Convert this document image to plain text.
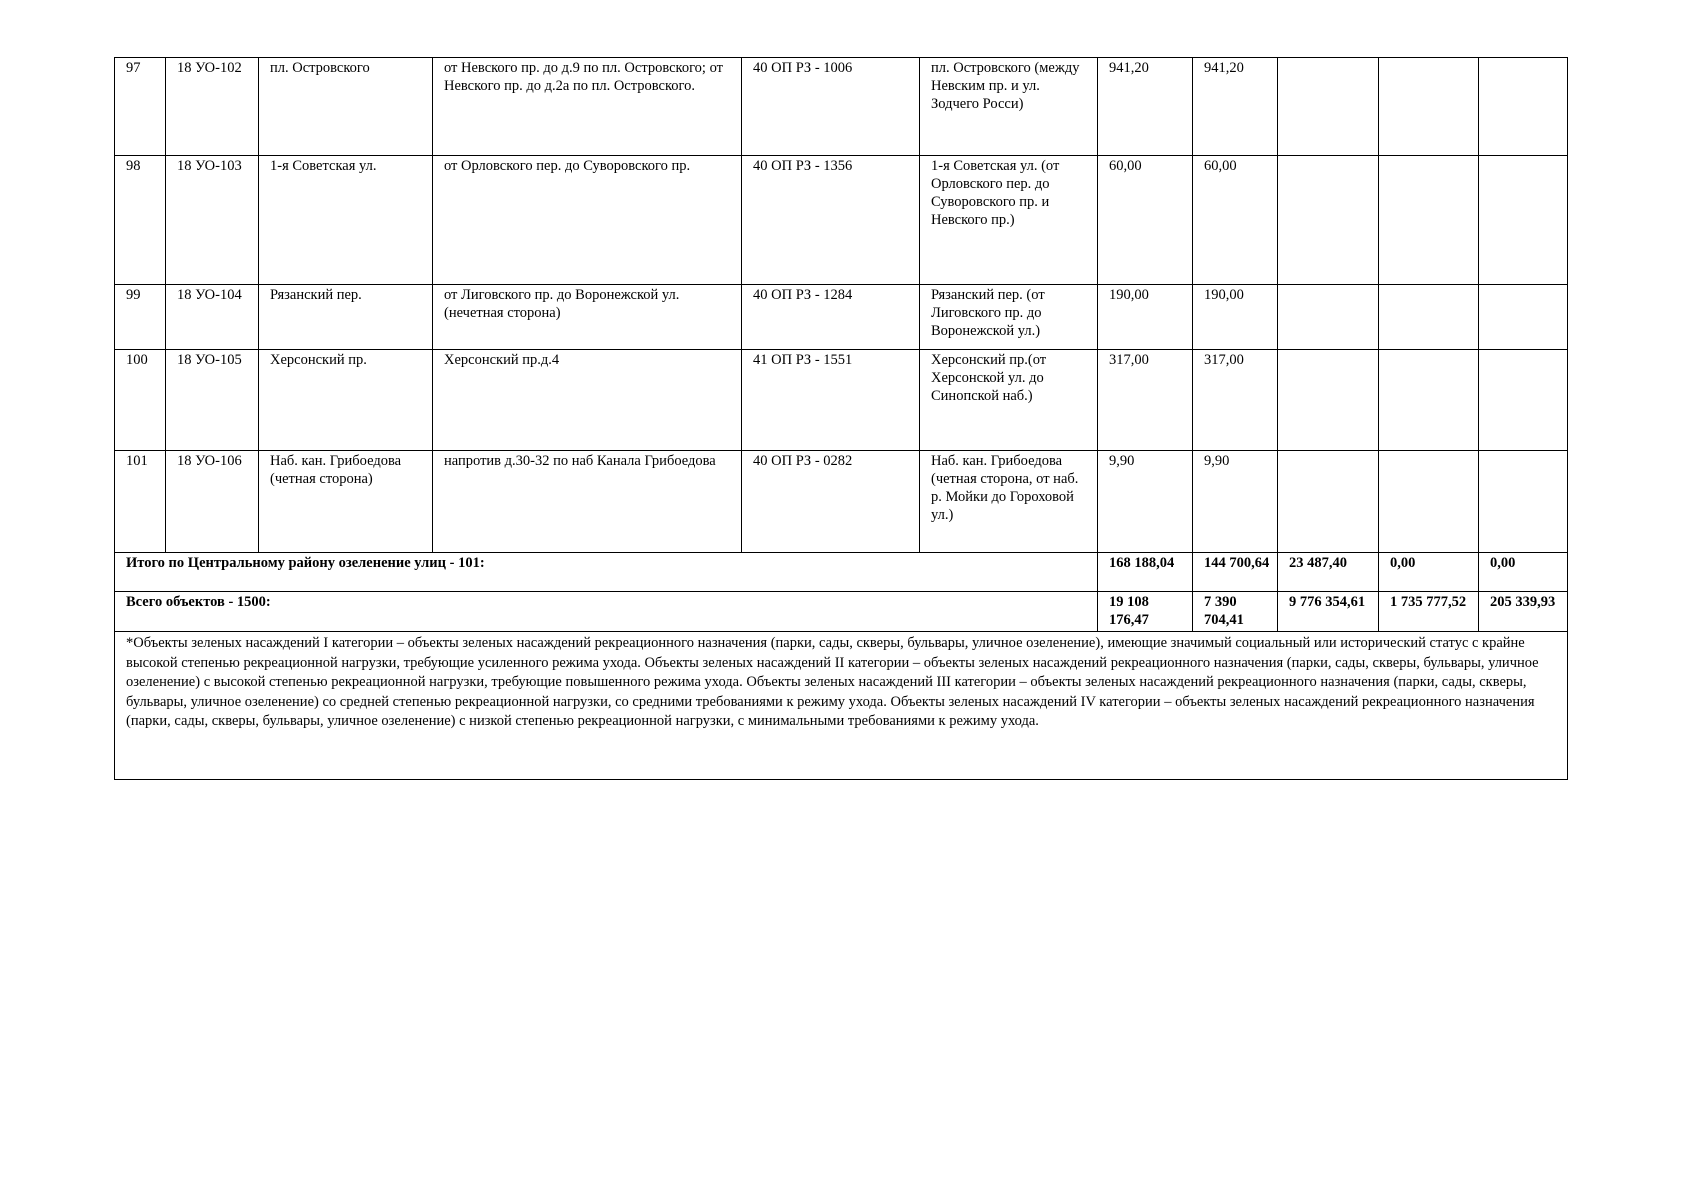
97	18 УО-102	пл. Островского	от Невского пр. до д.9 по пл. Островского; от Невского пр. до д.2а по пл. Островского.	40 ОП РЗ - 1006	пл. Островского (между Невским пр. и ул. Зодчего Росси)	941,20	941,20			
98	18 УО-103	1-я Советская ул.	от Орловского пер. до Суворовского пр.	40 ОП РЗ - 1356	1-я Советская ул. (от Орловского пер. до Суворовского пр. и Невского пр.)	60,00	60,00			
99	18 УО-104	Рязанский пер.	от Лиговского пр. до Воронежской ул. (нечетная сторона)	40 ОП РЗ - 1284	Рязанский пер. (от Лиговского пр. до Воронежской ул.)	190,00	190,00			
100	18 УО-105	Херсонский пр.	Херсонский пр.д.4	41 ОП РЗ - 1551	Херсонский пр.(от Херсонской ул. до Синопской наб.)	317,00	317,00			
101	18 УО-106	Наб. кан. Грибоедова (четная сторона)	напротив д.30-32 по наб Канала Грибоедова	40 ОП РЗ - 0282	Наб. кан. Грибоедова (четная сторона, от наб. р. Мойки до Гороховой ул.)	9,90	9,90			
Итого по Центральному району озеленение улиц - 101:						168 188,04	144 700,64	23 487,40	0,00	0,00
Всего объектов - 1500:						19 108 176,47	7 390 704,41	9 776 354,61	1 735 777,52	205 339,93
*Объекты зеленых насаждений I категории – объекты зеленых насаждений рекреационного назначения (парки, сады, скверы, бульвары, уличное озеленение), имеющие значимый социальный или исторический статус с крайне высокой степенью рекреационной нагрузки, требующие усиленного режима ухода. Объекты зеленых насаждений II категории – объекты зеленых насаждений рекреационного назначения (парки, сады, скверы, бульвары, уличное озеленение) с высокой степенью рекреационной нагрузки, требующие повышенного режима ухода. Объекты зеленых насаждений III категории – объекты зеленых насаждений рекреационного назначения (парки, сады, скверы, бульвары, уличное озеленение) со средней степенью рекреационной нагрузки, со средними требованиями к режиму ухода. Объекты зеленых насаждений IV категории – объекты зеленых насаждений рекреационного назначения (парки, сады, скверы, бульвары, уличное озеленение) с низкой степенью рекреационной нагрузки, с минимальными требованиями к режиму ухода.										
